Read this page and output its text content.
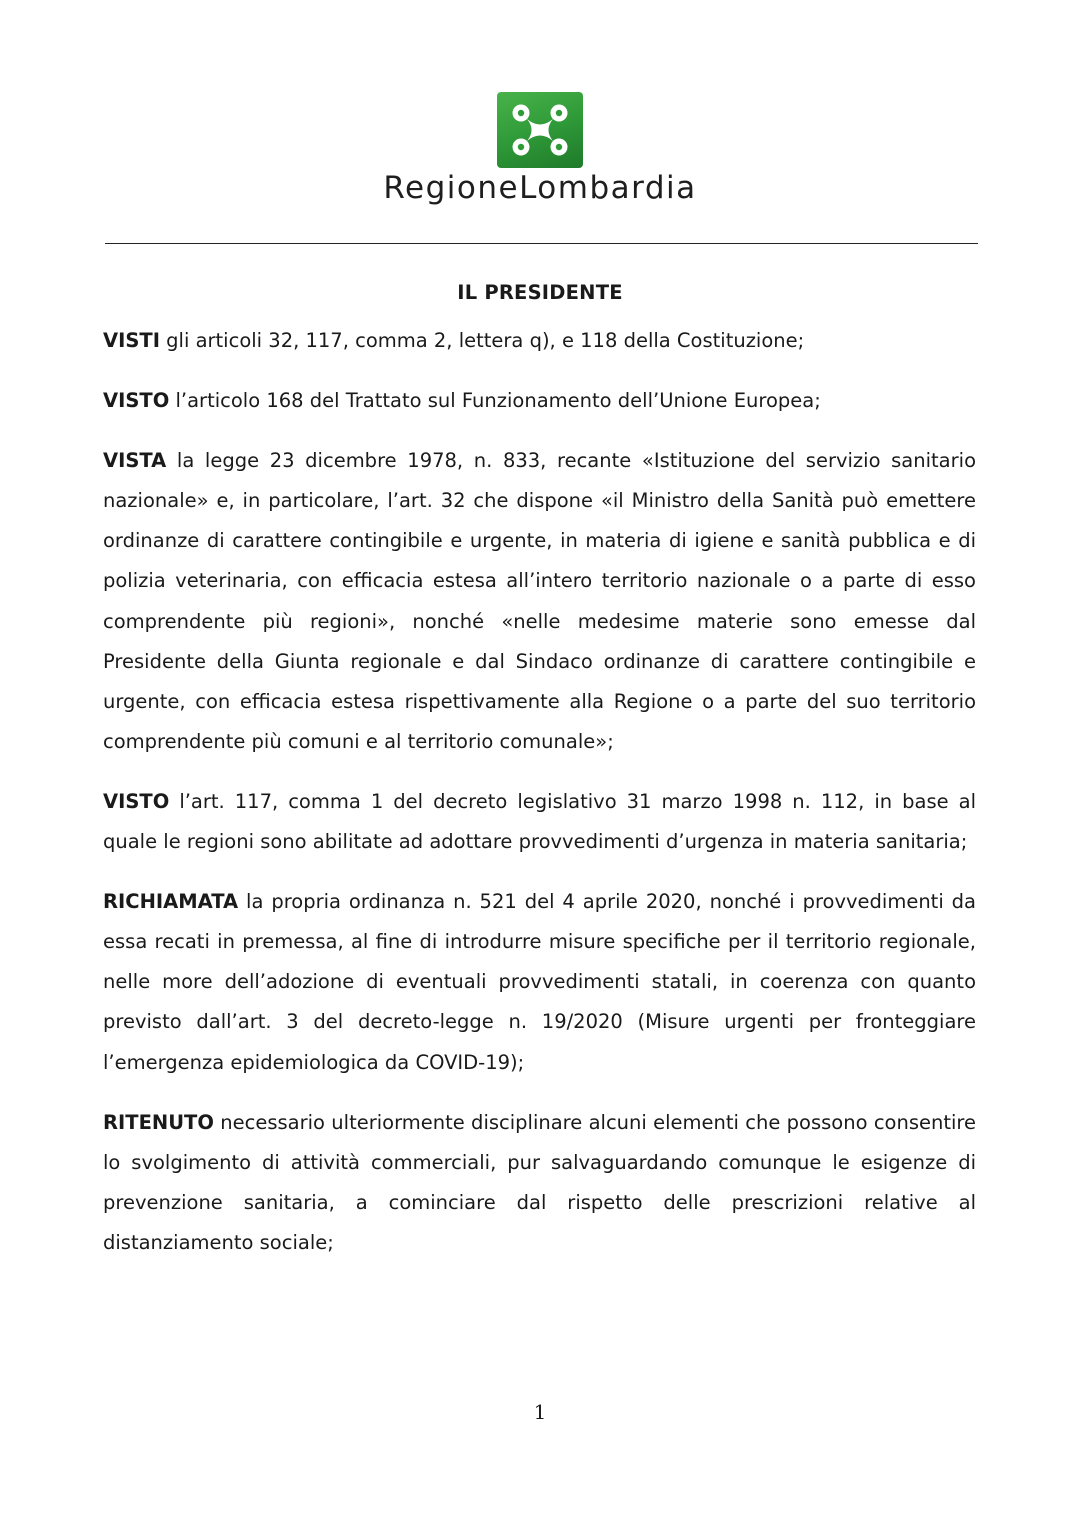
RegioneLombardia
IL PRESIDENTE

VISTI gli articoli 32, 117, comma 2, lettera q), e 118 della Costituzione;

VISTO l’articolo 168 del Trattato sul Funzionamento dell’Unione Europea;

VISTA la legge 23 dicembre 1978, n. 833, recante «Istituzione del servizio sanitario nazionale» e, in particolare, l’art. 32 che dispone «il Ministro della Sanità può emettere ordinanze di carattere contingibile e urgente, in materia di igiene e sanità pubblica e di polizia veterinaria, con efficacia estesa all’intero territorio nazionale o a parte di esso comprendente più regioni», nonché «nelle medesime materie sono emesse dal Presidente della Giunta regionale e dal Sindaco ordinanze di carattere contingibile e urgente, con efficacia estesa rispettivamente alla Regione o a parte del suo territorio comprendente più comuni e al territorio comunale»;

VISTO l’art. 117, comma 1 del decreto legislativo 31 marzo 1998 n. 112, in base al quale le regioni sono abilitate ad adottare provvedimenti d’urgenza in materia sanitaria;

RICHIAMATA la propria ordinanza n. 521 del 4 aprile 2020, nonché i provvedimenti da essa recati in premessa, al fine di introdurre misure specifiche per il territorio regionale, nelle more dell’adozione di eventuali provvedimenti statali, in coerenza con quanto previsto dall’art. 3 del decreto-legge n. 19/2020 (Misure urgenti per fronteggiare l’emergenza epidemiologica da COVID-19);

RITENUTO necessario ulteriormente disciplinare alcuni elementi che possono consentire lo svolgimento di attività commerciali, pur salvaguardando comunque le esigenze di prevenzione sanitaria, a cominciare dal rispetto delle prescrizioni relative al distanziamento sociale;

1
